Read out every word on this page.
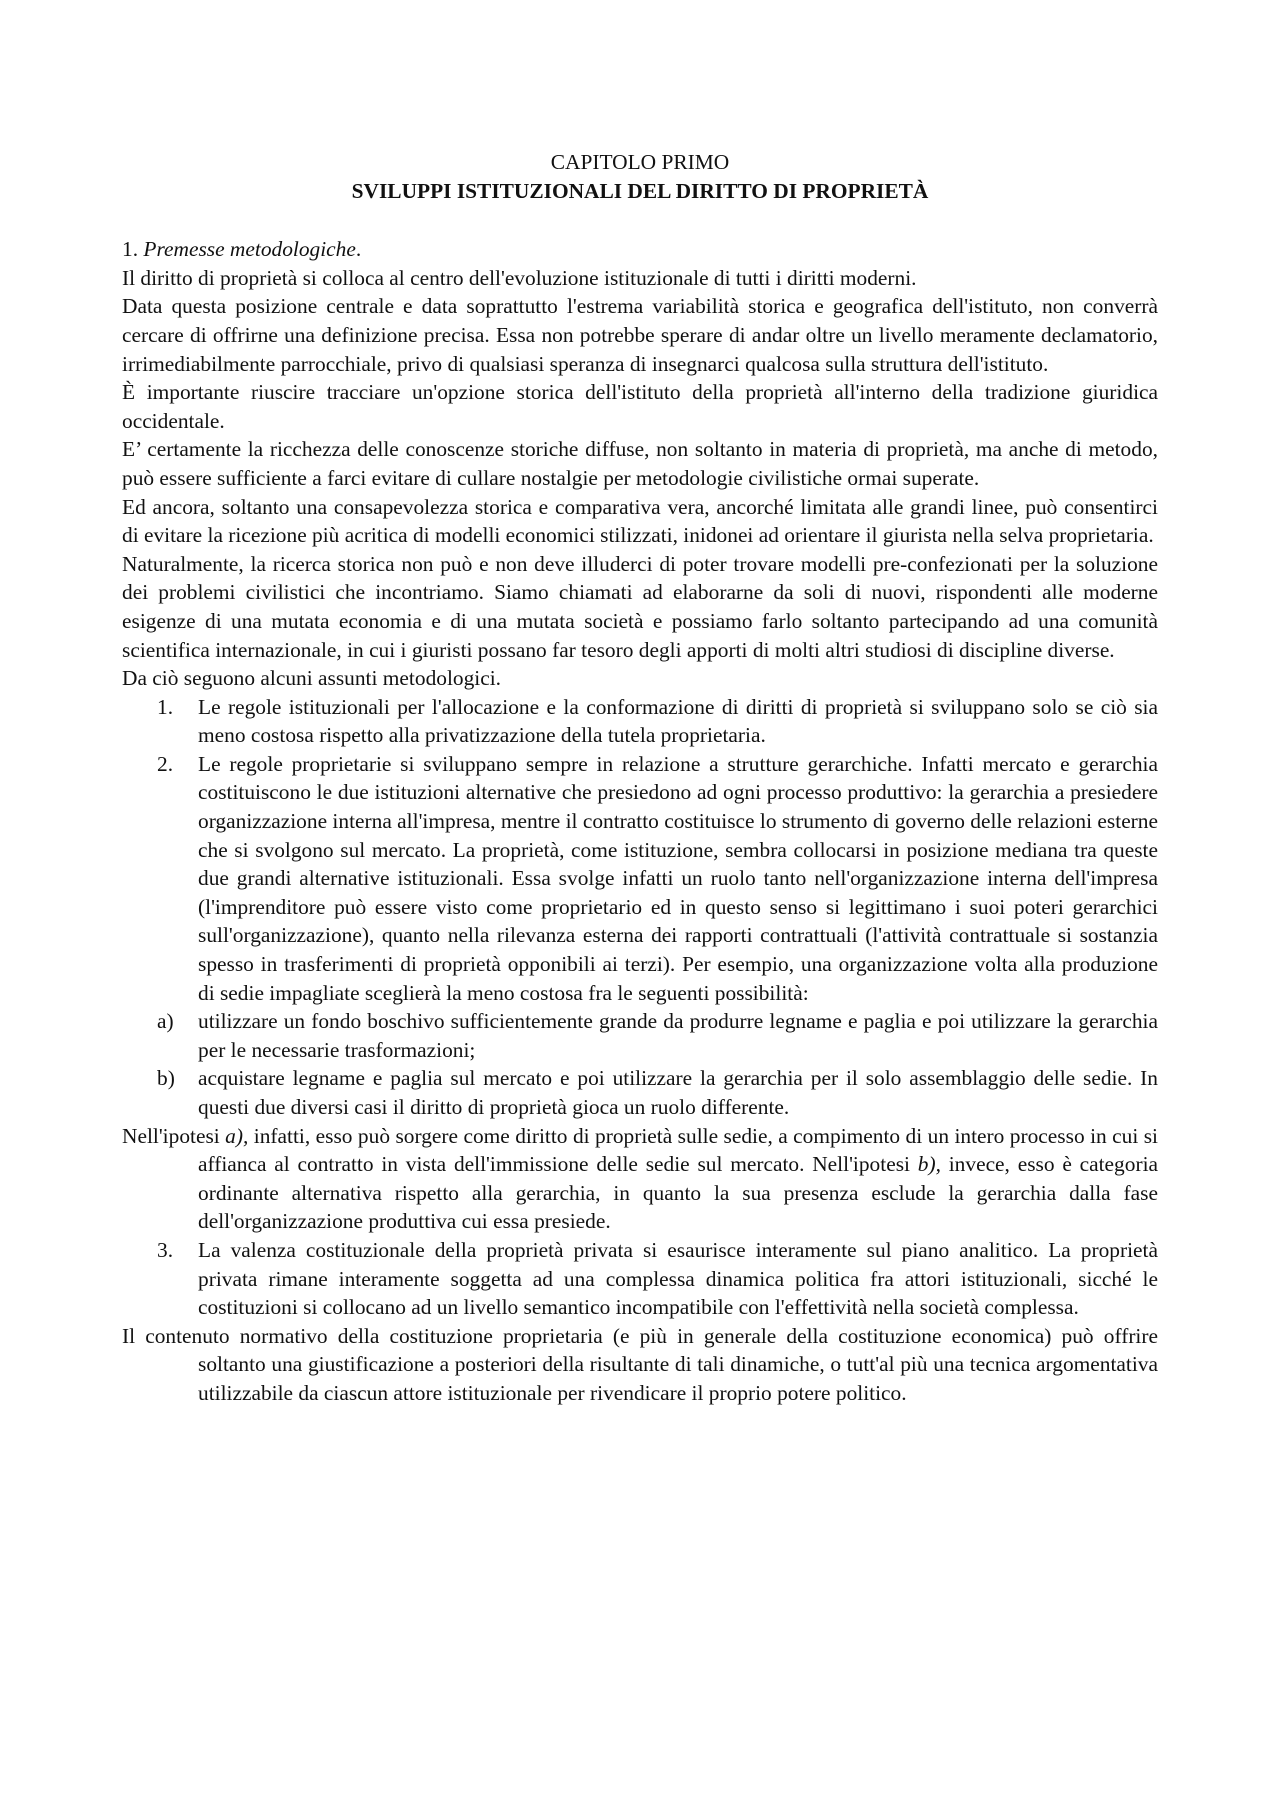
CAPITOLO PRIMO

SVILUPPI ISTITUZIONALI DEL DIRITTO DI PROPRIETÀ

1. Premesse metodologiche.

Il diritto di proprietà si colloca al centro dell'evoluzione istituzionale di tutti i diritti moderni.

Data questa posizione centrale e data soprattutto l'estrema variabilità storica e geografica dell'istituto, non converrà cercare di offrirne una definizione precisa. Essa non potrebbe sperare di andar oltre un livello meramente declamatorio, irrimediabilmente parrocchiale, privo di qualsiasi speranza di insegnarci qualcosa sulla struttura dell'istituto.

È importante riuscire tracciare un'opzione storica dell'istituto della proprietà all'interno della tradizione giuridica occidentale.

E’ certamente la ricchezza delle conoscenze storiche diffuse, non soltanto in materia di proprietà, ma anche di metodo, può essere sufficiente a farci evitare di cullare nostalgie per metodologie civilistiche ormai superate.

Ed ancora, soltanto una consapevolezza storica e comparativa vera, ancorché limitata alle grandi linee, può consentirci di evitare la ricezione più acritica di modelli economici stilizzati, inidonei ad orientare il giurista nella selva proprietaria.

Naturalmente, la ricerca storica non può e non deve illuderci di poter trovare modelli pre-confezionati per la soluzione dei problemi civilistici che incontriamo. Siamo chiamati ad elaborarne da soli di nuovi, rispondenti alle moderne esigenze di una mutata economia e di una mutata società e possiamo farlo soltanto partecipando ad una comunità scientifica internazionale, in cui i giuristi possano far tesoro degli apporti di molti altri studiosi di discipline diverse.

Da ciò seguono alcuni assunti metodologici.

1. Le regole istituzionali per l'allocazione e la conformazione di diritti di proprietà si sviluppano solo se ciò sia meno costosa rispetto alla privatizzazione della tutela proprietaria.
2. Le regole proprietarie si sviluppano sempre in relazione a strutture gerarchiche. Infatti mercato e gerarchia costituiscono le due istituzioni alternative che presiedono ad ogni processo produttivo: la gerarchia a presiedere organizzazione interna all'impresa, mentre il contratto costituisce lo strumento di governo delle relazioni esterne che si svolgono sul mercato. La proprietà, come istituzione, sembra collocarsi in posizione mediana tra queste due grandi alternative istituzionali. Essa svolge infatti un ruolo tanto nell'organizzazione interna dell'impresa (l'imprenditore può essere visto come proprietario ed in questo senso si legittimano i suoi poteri gerarchici sull'organizzazione), quanto nella rilevanza esterna dei rapporti contrattuali (l'attività contrattuale si sostanzia spesso in trasferimenti di proprietà opponibili ai terzi). Per esempio, una organizzazione volta alla produzione di sedie impagliate sceglierà la meno costosa fra le seguenti possibilità:
a) utilizzare un fondo boschivo sufficientemente grande da produrre legname e paglia e poi utilizzare la gerarchia per le necessarie trasformazioni;
b) acquistare legname e paglia sul mercato e poi utilizzare la gerarchia per il solo assemblaggio delle sedie. In questi due diversi casi il diritto di proprietà gioca un ruolo differente.

Nell'ipotesi a), infatti, esso può sorgere come diritto di proprietà sulle sedie, a compimento di un intero processo in cui si affianca al contratto in vista dell'immissione delle sedie sul mercato. Nell'ipotesi b), invece, esso è categoria ordinante alternativa rispetto alla gerarchia, in quanto la sua presenza esclude la gerarchia dalla fase dell'organizzazione produttiva cui essa presiede.

3. La valenza costituzionale della proprietà privata si esaurisce interamente sul piano analitico. La proprietà privata rimane interamente soggetta ad una complessa dinamica politica fra attori istituzionali, sicché le costituzioni si collocano ad un livello semantico incompatibile con l'effettività nella società complessa.

Il contenuto normativo della costituzione proprietaria (e più in generale della costituzione economica) può offrire soltanto una giustificazione a posteriori della risultante di tali dinamiche, o tutt'al più una tecnica argomentativa utilizzabile da ciascun attore istituzionale per rivendicare il proprio potere politico.
